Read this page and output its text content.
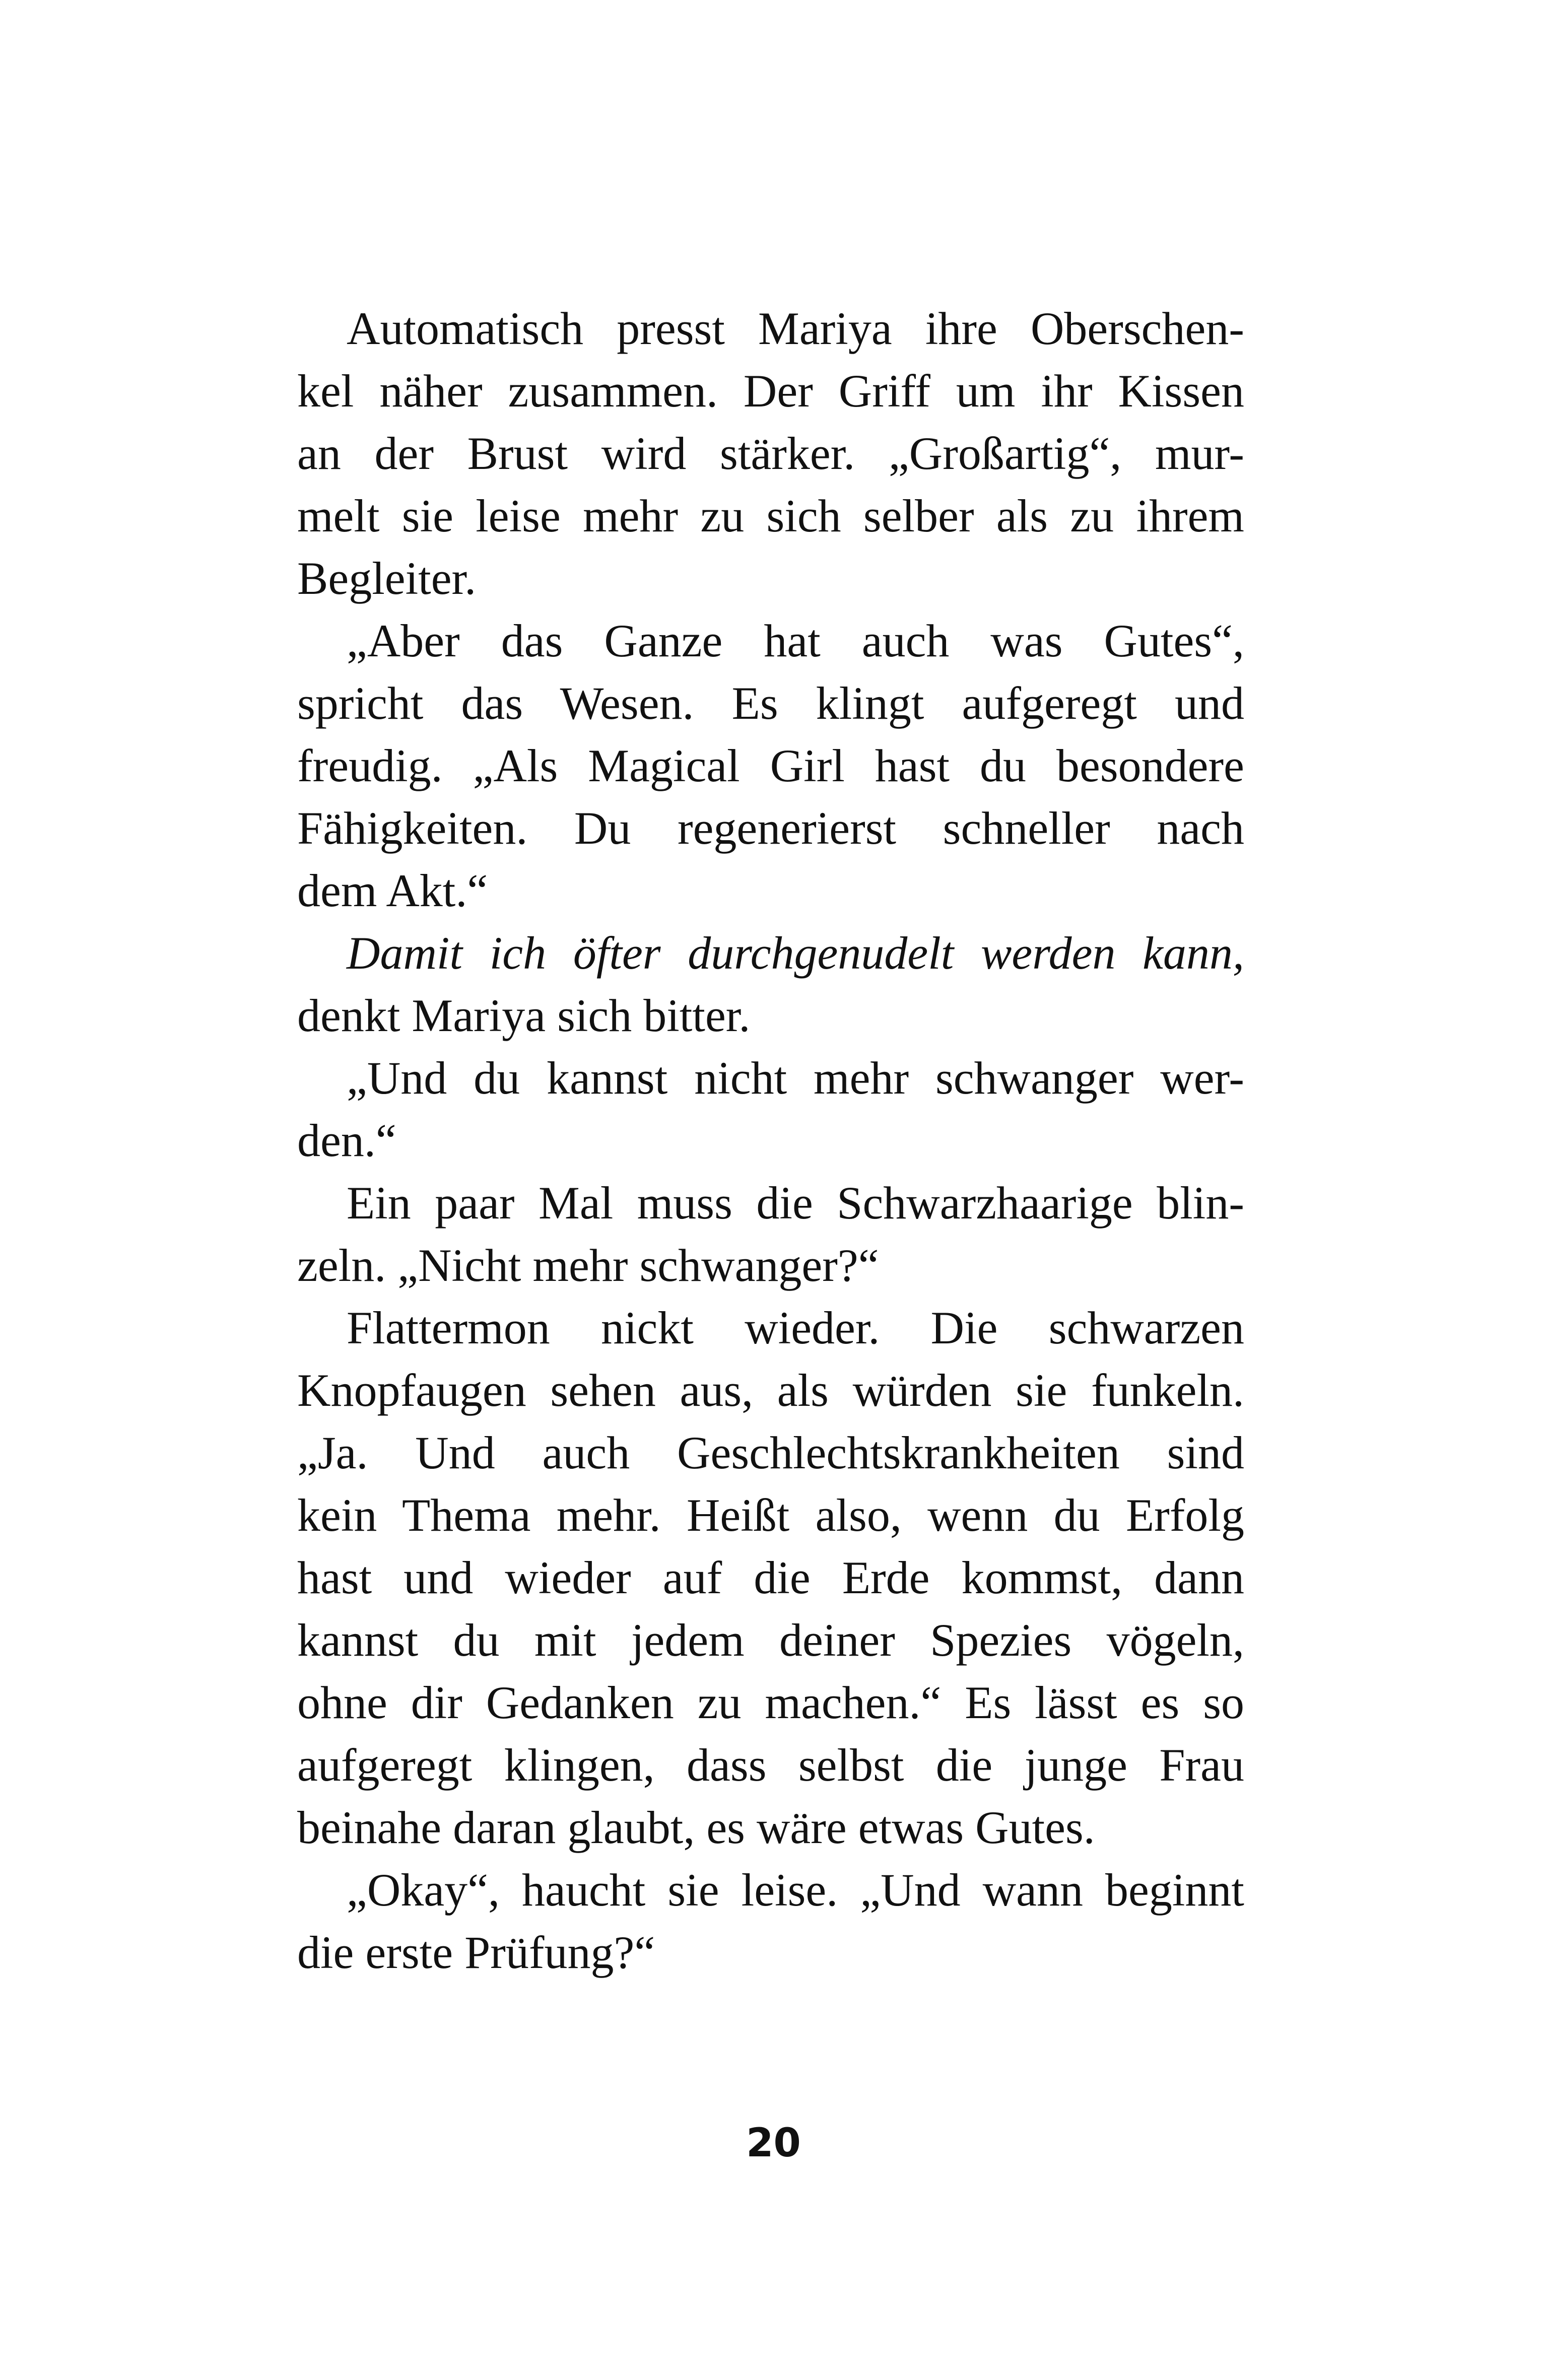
Automatisch presst Mariya ihre Oberschen-
kel näher zusammen. Der Griff um ihr Kissen
an der Brust wird stärker. „Großartig“, mur-
melt sie leise mehr zu sich selber als zu ihrem
Begleiter.
„Aber das Ganze hat auch was Gutes“,
spricht das Wesen. Es klingt aufgeregt und
freudig. „Als Magical Girl hast du besondere
Fähigkeiten. Du regenerierst schneller nach
dem Akt.“
Damit ich öfter durchgenudelt werden kann,
denkt Mariya sich bitter.
„Und du kannst nicht mehr schwanger wer-
den.“
Ein paar Mal muss die Schwarzhaarige blin-
zeln. „Nicht mehr schwanger?“
Flattermon nickt wieder. Die schwarzen
Knopfaugen sehen aus, als würden sie funkeln.
„Ja. Und auch Geschlechtskrankheiten sind
kein Thema mehr. Heißt also, wenn du Erfolg
hast und wieder auf die Erde kommst, dann
kannst du mit jedem deiner Spezies vögeln,
ohne dir Gedanken zu machen.“ Es lässt es so
aufgeregt klingen, dass selbst die junge Frau
beinahe daran glaubt, es wäre etwas Gutes.
„Okay“, haucht sie leise. „Und wann beginnt
die erste Prüfung?“
20
